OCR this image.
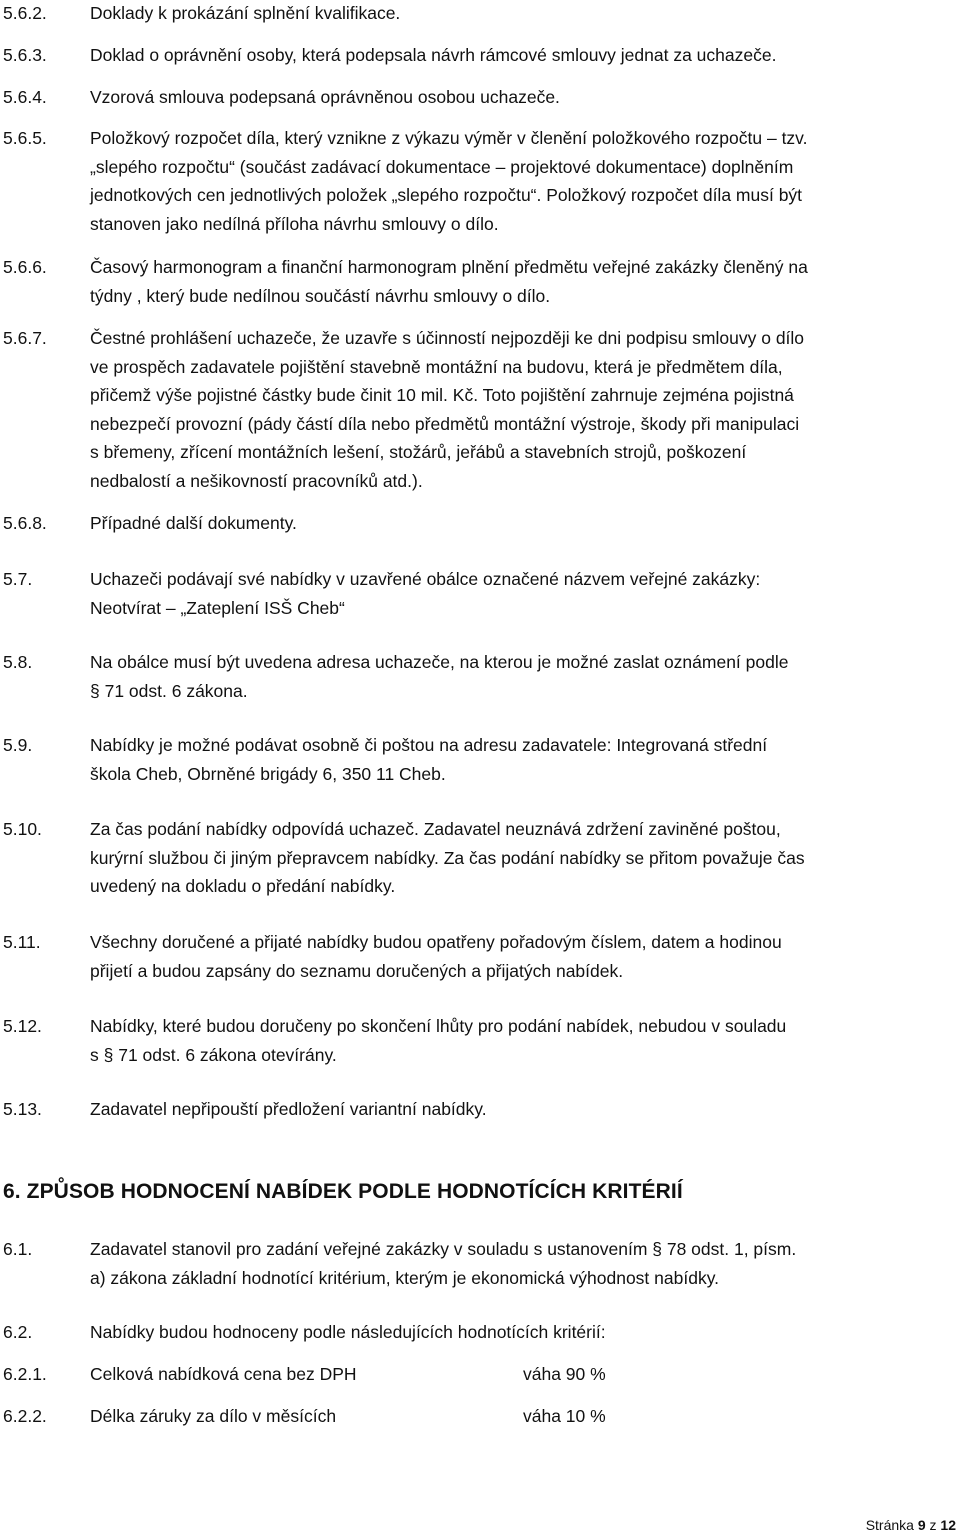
5.6.2.	Doklady k prokázání splnění kvalifikace.
5.6.3.	Doklad o oprávnění osoby, která podepsala návrh rámcové smlouvy jednat za uchazeče.
5.6.4.	Vzorová smlouva podepsaná oprávněnou osobou uchazeče.
5.6.5.	Položkový rozpočet díla, který vznikne z výkazu výměr v členění položkového rozpočtu – tzv.
„slepého rozpočtu“ (součást zadávací dokumentace – projektové dokumentace) doplněním
jednotkových cen jednotlivých položek „slepého rozpočtu“. Položkový rozpočet díla musí být
stanoven jako nedílná příloha návrhu smlouvy o dílo.
5.6.6.	Časový harmonogram a finanční harmonogram plnění předmětu veřejné zakázky členěný na
týdny , který bude nedílnou součástí návrhu smlouvy o dílo.
5.6.7.	Čestné prohlášení uchazeče, že uzavře s účinností nejpozději ke dni podpisu smlouvy o dílo
ve prospěch zadavatele pojištění stavebně montážní na budovu, která je předmětem díla,
přičemž výše pojistné částky bude činit 10 mil. Kč. Toto pojištění zahrnuje zejména pojistná
nebezpečí provozní (pády částí díla nebo předmětů montážní výstroje, škody při manipulaci
s břemeny, zřícení montážních lešení, stožárů, jeřábů a stavebních strojů, poškození
nedbalostí a nešikovností pracovníků atd.).
5.6.8.	Případné další dokumenty.
5.7.	Uchazeči podávají své nabídky v uzavřené obálce označené názvem veřejné zakázky:
Neotvírat – „Zateplení ISŠ Cheb“
5.8.	Na obálce musí být uvedena adresa uchazeče, na kterou je možné zaslat oznámení podle
§ 71 odst. 6 zákona.
5.9.	Nabídky je možné podávat osobně či poštou na adresu zadavatele: Integrovaná střední
škola Cheb, Obrněné brigády 6, 350 11 Cheb.
5.10.	Za čas podání nabídky odpovídá uchazeč. Zadavatel neuznává zdržení zaviněné poštou,
kurýrní službou či jiným přepravcem nabídky. Za čas podání nabídky se přitom považuje čas
uvedený na dokladu o předání nabídky.
5.11.	Všechny doručené a přijaté nabídky budou opatřeny pořadovým číslem, datem a hodinou
přijetí a budou zapsány do seznamu doručených a přijatých nabídek.
5.12.	Nabídky, které budou doručeny po skončení lhůty pro podání nabídek, nebudou v souladu
s § 71 odst. 6 zákona otevírány.
5.13.	Zadavatel nepřipouští předložení variantní nabídky.
6. ZPŮSOB HODNOCENÍ NABÍDEK PODLE HODNOTÍCÍCH KRITÉRIÍ
6.1.	Zadavatel stanovil pro zadání veřejné zakázky v souladu s ustanovením § 78 odst. 1, písm.
a) zákona základní hodnotící kritérium, kterým je ekonomická výhodnost nabídky.
6.2.	Nabídky budou hodnoceny podle následujících hodnotících kritérií:
6.2.1.	Celková nabídková cena bez DPH	váha 90 %
6.2.2.	Délka záruky za dílo v měsících	váha 10 %
Stránka 9 z 12
